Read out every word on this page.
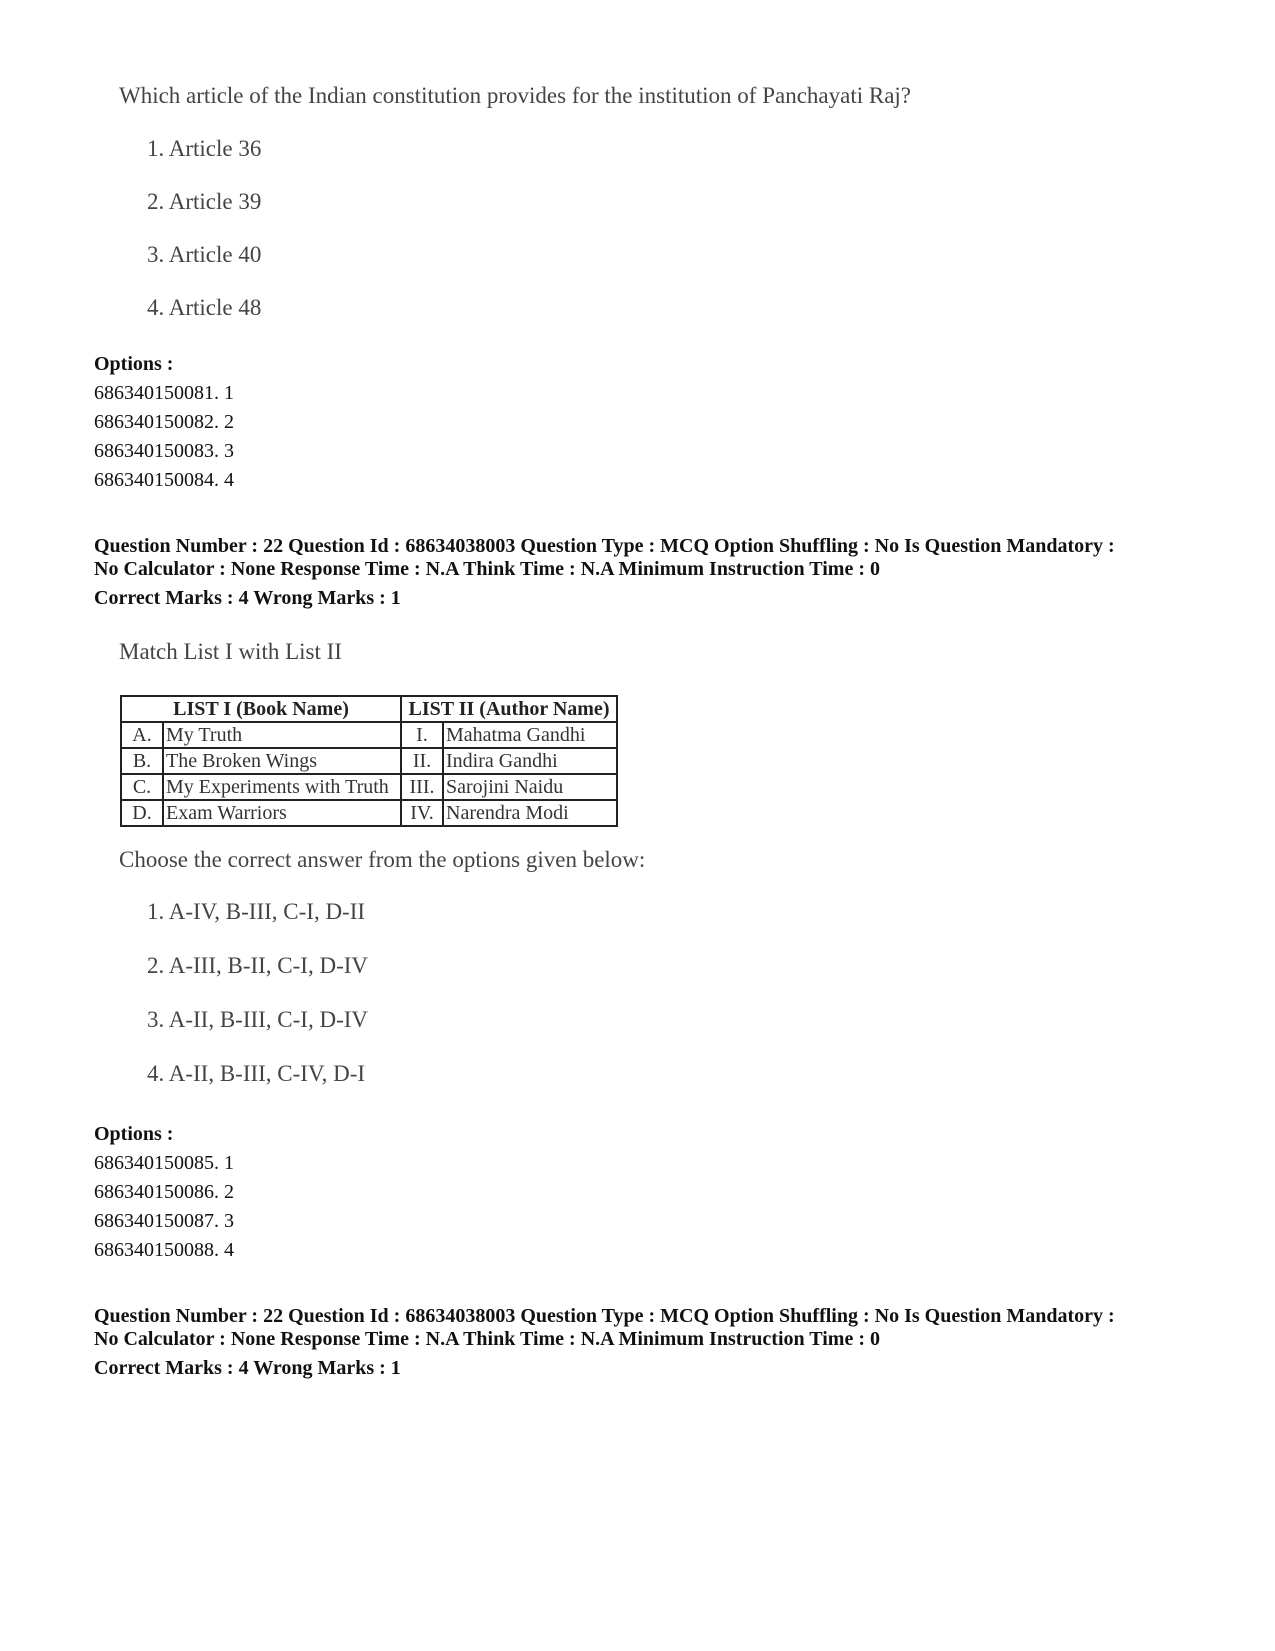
Which article of the Indian constitution provides for the institution of Panchayati Raj?
1. Article 36
2. Article 39
3. Article 40
4. Article 48
Options :
686340150081. 1
686340150082. 2
686340150083. 3
686340150084. 4
Question Number : 22 Question Id : 68634038003 Question Type : MCQ Option Shuffling : No Is Question Mandatory :
No Calculator : None Response Time : N.A Think Time : N.A Minimum Instruction Time : 0
Correct Marks : 4 Wrong Marks : 1
Match List I with List II
LIST I (Book Name)		LIST II (Author Name)	
A.	My Truth	I.	Mahatma Gandhi
B.	The Broken Wings	II.	Indira Gandhi
C.	My Experiments with Truth	III.	Sarojini Naidu
D.	Exam Warriors	IV.	Narendra Modi
Choose the correct answer from the options given below:
1. A-IV, B-III, C-I, D-II
2. A-III, B-II, C-I, D-IV
3. A-II, B-III, C-I, D-IV
4. A-II, B-III, C-IV, D-I
Options :
686340150085. 1
686340150086. 2
686340150087. 3
686340150088. 4
Question Number : 22 Question Id : 68634038003 Question Type : MCQ Option Shuffling : No Is Question Mandatory :
No Calculator : None Response Time : N.A Think Time : N.A Minimum Instruction Time : 0
Correct Marks : 4 Wrong Marks : 1
